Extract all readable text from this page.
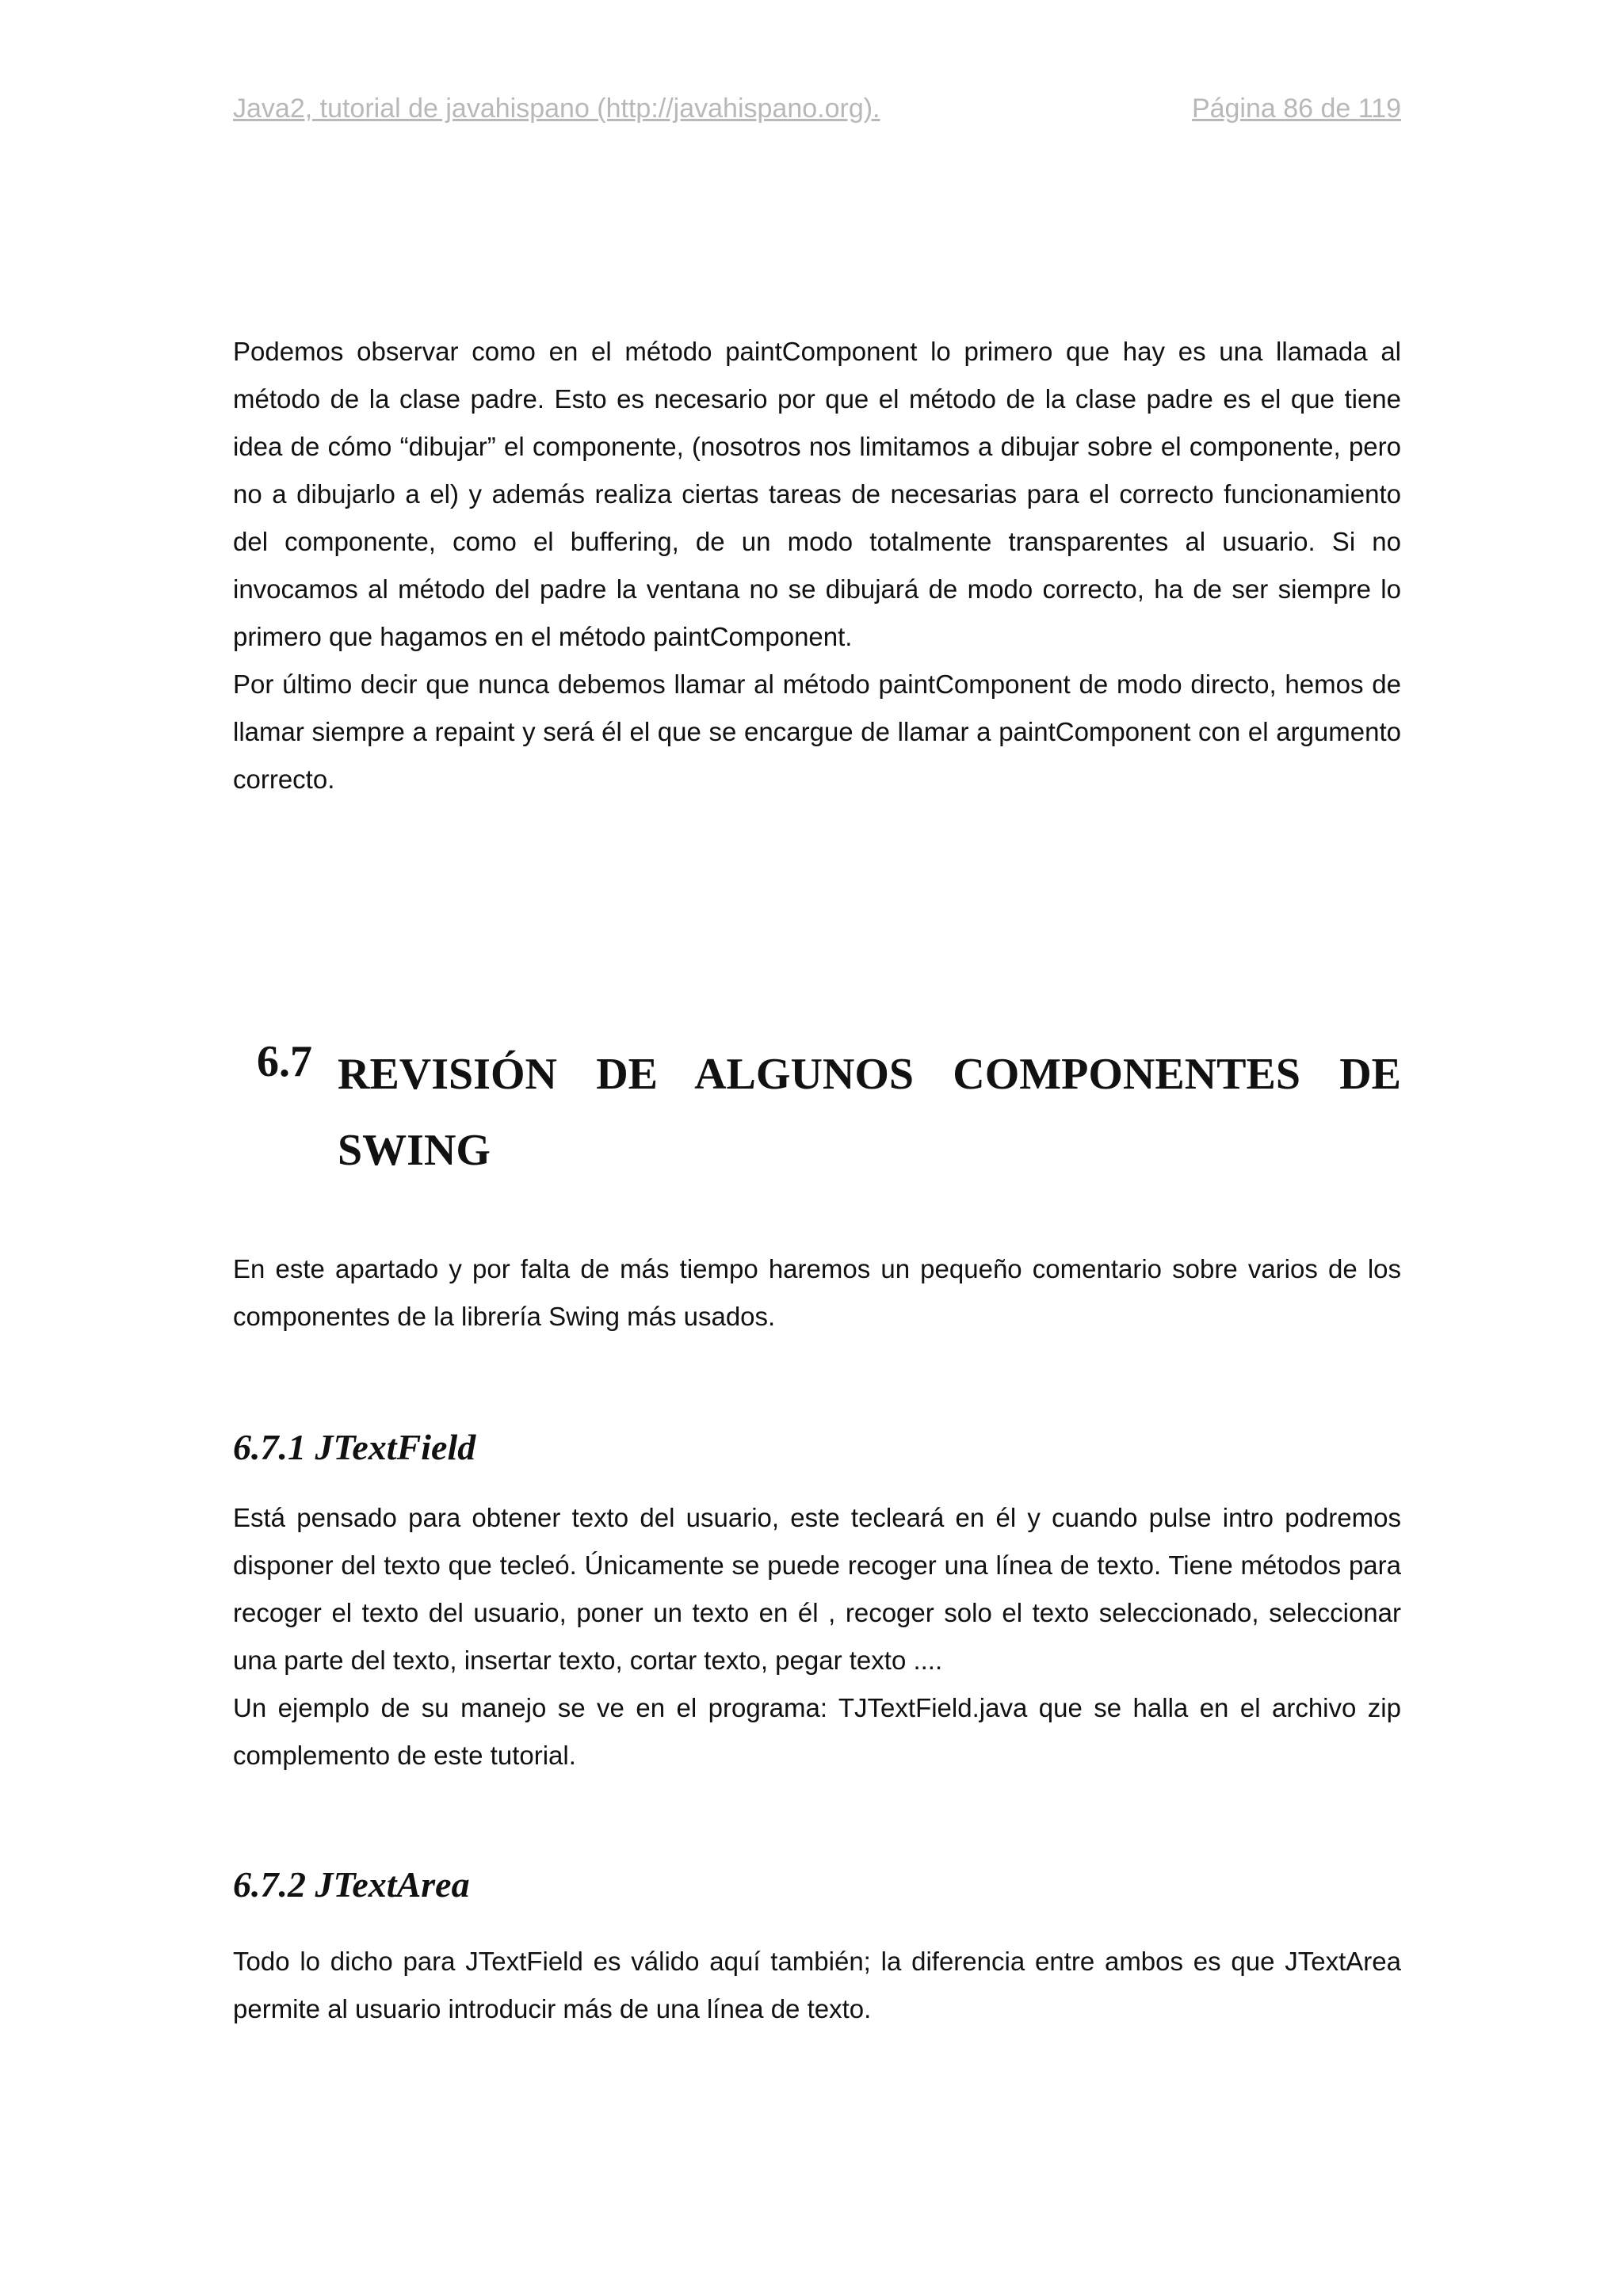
Java2, tutorial de javahispano (http://javahispano.org).	Página 86 de 119

Podemos observar como en el método paintComponent lo primero que hay es una llamada al método de la clase padre. Esto es necesario por que el método de la clase padre es el que tiene idea de cómo “dibujar” el componente, (nosotros nos limitamos a dibujar sobre el componente, pero no a dibujarlo a el) y además realiza ciertas tareas de necesarias para el correcto funcionamiento del componente, como el buffering, de un modo totalmente transparentes al usuario. Si no invocamos al método del padre la ventana no se dibujará de modo correcto, ha de ser siempre lo primero que hagamos en el método paintComponent.

Por último decir que nunca debemos llamar al método paintComponent de modo directo, hemos de llamar siempre a repaint y será él el que se encargue de llamar a paintComponent con el argumento correcto.

6.7 REVISIÓN DE ALGUNOS COMPONENTES DE
SWING

En este apartado y por falta de más tiempo haremos un pequeño comentario sobre varios de los componentes de la librería Swing más usados.

6.7.1 JTextField

Está pensado para obtener texto del usuario, este tecleará en él y cuando pulse intro podremos disponer del texto que tecleó. Únicamente se puede recoger una línea de texto. Tiene métodos para recoger el texto del usuario, poner un texto en él , recoger solo el texto seleccionado, seleccionar una parte del texto, insertar texto, cortar texto, pegar texto ....

Un ejemplo de su manejo se ve en el programa: TJTextField.java que se halla en el archivo zip complemento de este tutorial.

6.7.2 JTextArea

Todo lo dicho para JTextField es válido aquí también; la diferencia entre ambos es que JTextArea permite al usuario introducir más de una línea de texto.
